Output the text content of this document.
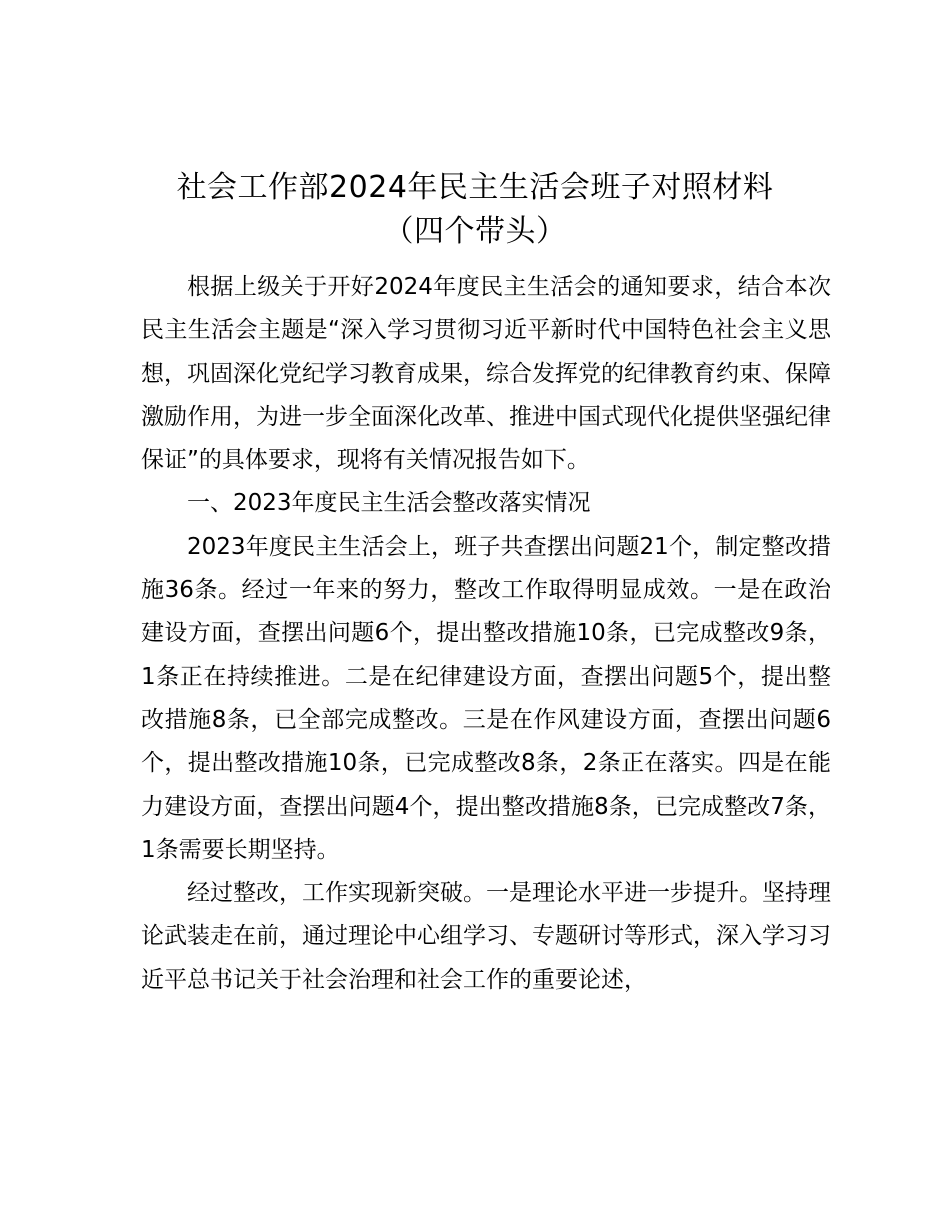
社会工作部2024年民主生活会班子对照材料
（四个带头）

根据上级关于开好2024年度民主生活会的通知要求，结合本次民主生活会主题是“深入学习贯彻习近平新时代中国特色社会主义思想，巩固深化党纪学习教育成果，综合发挥党的纪律教育约束、保障激励作用，为进一步全面深化改革、推进中国式现代化提供坚强纪律保证”的具体要求，现将有关情况报告如下。

一、2023年度民主生活会整改落实情况

2023年度民主生活会上，班子共查摆出问题21个，制定整改措施36条。经过一年来的努力，整改工作取得明显成效。一是在政治建设方面，查摆出问题6个，提出整改措施10条，已完成整改9条，1条正在持续推进。二是在纪律建设方面，查摆出问题5个，提出整改措施8条，已全部完成整改。三是在作风建设方面，查摆出问题6个，提出整改措施10条，已完成整改8条，2条正在落实。四是在能力建设方面，查摆出问题4个，提出整改措施8条，已完成整改7条，1条需要长期坚持。

经过整改，工作实现新突破。一是理论水平进一步提升。坚持理论武装走在前，通过理论中心组学习、专题研讨等形式，深入学习习近平总书记关于社会治理和社会工作的重要论述，
